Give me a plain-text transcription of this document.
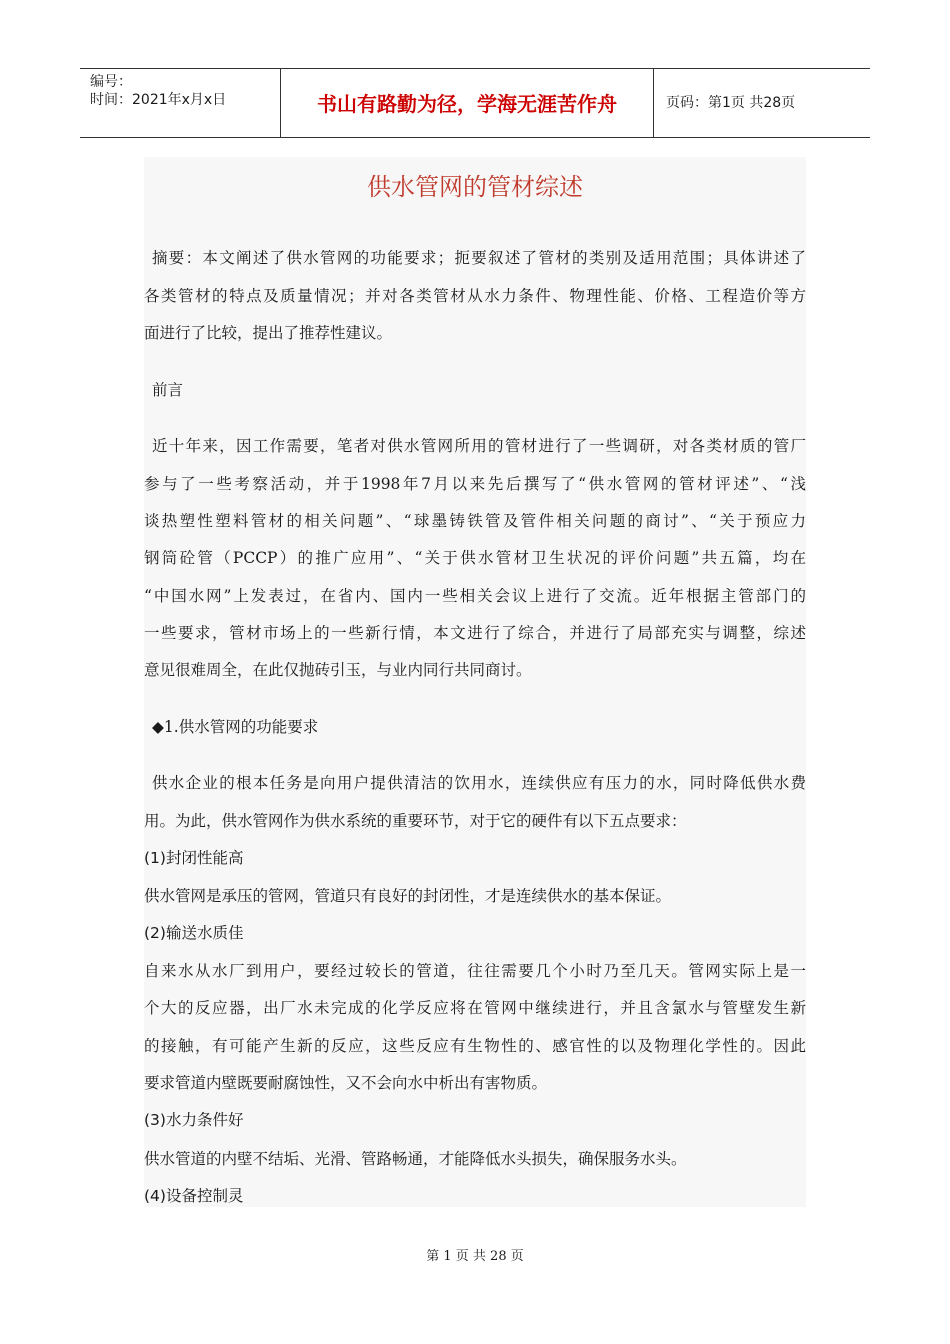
编号：
时间：2021年x月x日	书山有路勤为径，学海无涯苦作舟	页码：第1页 共28页
供水管网的管材综述
摘要：本文阐述了供水管网的功能要求；扼要叙述了管材的类别及适用范围；具体讲述了
各类管材的特点及质量情况；并对各类管材从水力条件、物理性能、价格、工程造价等方
面进行了比较，提出了推荐性建议。
前言
近十年来，因工作需要，笔者对供水管网所用的管材进行了一些调研，对各类材质的管厂
参与了一些考察活动，并于1998年7月以来先后撰写了“供水管网的管材评述”、“浅
谈热塑性塑料管材的相关问题”、“球墨铸铁管及管件相关问题的商讨”、“关于预应力
钢筒砼管（PCCP）的推广应用”、“关于供水管材卫生状况的评价问题”共五篇，均在
“中国水网”上发表过，在省内、国内一些相关会议上进行了交流。近年根据主管部门的
一些要求，管材市场上的一些新行情，本文进行了综合，并进行了局部充实与调整，综述
意见很难周全，在此仅抛砖引玉，与业内同行共同商讨。
◆1.供水管网的功能要求
供水企业的根本任务是向用户提供清洁的饮用水，连续供应有压力的水，同时降低供水费
用。为此，供水管网作为供水系统的重要环节，对于它的硬件有以下五点要求：
(1)封闭性能高
供水管网是承压的管网，管道只有良好的封闭性，才是连续供水的基本保证。
(2)输送水质佳
自来水从水厂到用户，要经过较长的管道，往往需要几个小时乃至几天。管网实际上是一
个大的反应器，出厂水未完成的化学反应将在管网中继续进行，并且含氯水与管壁发生新
的接触，有可能产生新的反应，这些反应有生物性的、感官性的以及物理化学性的。因此
要求管道内壁既要耐腐蚀性，又不会向水中析出有害物质。
(3)水力条件好
供水管道的内壁不结垢、光滑、管路畅通，才能降低水头损失，确保服务水头。
(4)设备控制灵
第 1 页 共 28 页
